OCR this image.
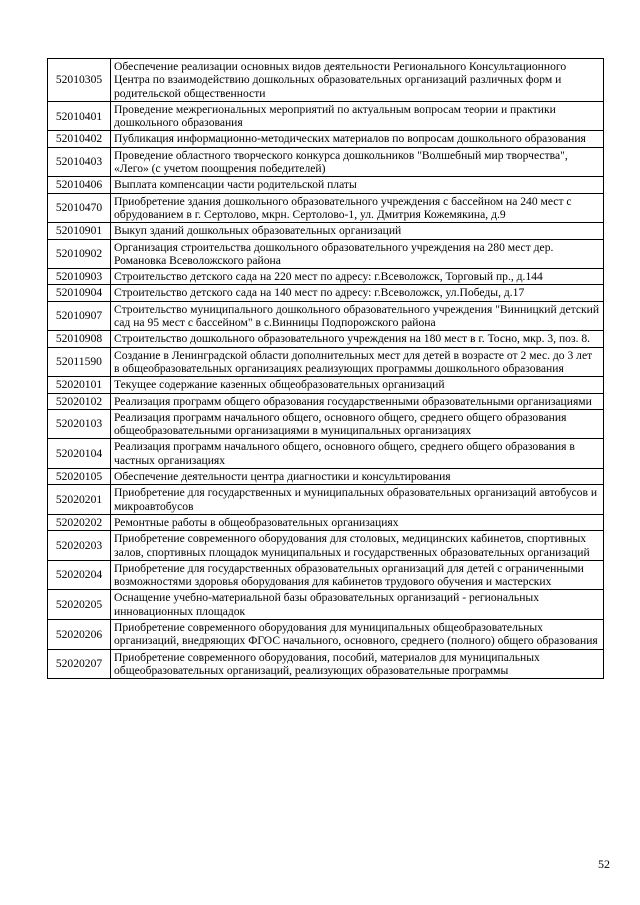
52010305	Обеспечение реализации основных видов деятельности Регионального Консультационного Центра по взаимодействию дошкольных образовательных организаций различных форм и родительской общественности
52010401	Проведение межрегиональных мероприятий по актуальным вопросам теории и практики дошкольного образования
52010402	Публикация информационно-методических материалов по вопросам дошкольного образования
52010403	Проведение областного творческого конкурса дошкольников "Волшебный мир творчества", «Лего» (с учетом поощрения победителей)
52010406	Выплата компенсации части родительской платы
52010470	Приобретение здания дошкольного образовательного учреждения с бассейном на 240 мест с обрудованием в г. Сертолово, мкрн. Сертолово-1, ул. Дмитрия Кожемякина, д.9
52010901	Выкуп зданий дошкольных образовательных организаций
52010902	Организация строительства дошкольного образовательного учреждения на 280 мест дер. Романовка Всеволожского района
52010903	Строительство детского сада на 220 мест по адресу: г.Всеволожск, Торговый пр., д.144
52010904	Строительство детского сада на 140 мест по адресу: г.Всеволожск, ул.Победы, д.17
52010907	Строительство муниципального дошкольного образовательного учреждения "Винницкий детский сад на 95 мест с бассейном" в с.Винницы Подпорожского района
52010908	Строительство дошкольного образовательного учреждения на 180 мест в г. Тосно, мкр. 3, поз. 8.
52011590	Создание в Ленинградской области дополнительных мест для детей в возрасте от 2 мес. до 3 лет в общеобразовательных организациях реализующих программы дошкольного образования
52020101	Текущее содержание казенных общеобразовательных организаций
52020102	Реализация программ общего образования государственными образовательными организациями
52020103	Реализация программ начального общего, основного общего, среднего общего образования общеобразовательными организациями в муниципальных организациях
52020104	Реализация программ начального общего, основного общего, среднего общего образования в частных организациях
52020105	Обеспечение деятельности центра диагностики и консультирования
52020201	Приобретение для государственных и муниципальных образовательных организаций автобусов и микроавтобусов
52020202	Ремонтные работы в общеобразовательных организациях
52020203	Приобретение современного оборудования для столовых, медицинских кабинетов, спортивных залов, спортивных площадок муниципальных и государственных образовательных организаций
52020204	Приобретение для государственных образовательных организаций для детей с ограниченными возможностями здоровья оборудования для кабинетов трудового обучения и мастерских
52020205	Оснащение учебно-материальной базы образовательных организаций - региональных инновационных площадок
52020206	Приобретение современного оборудования для муниципальных общеобразовательных организаций, внедряющих ФГОС начального, основного, среднего (полного) общего образования
52020207	Приобретение современного оборудования, пособий, материалов для муниципальных общеобразовательных организаций, реализующих образовательные программы
52
